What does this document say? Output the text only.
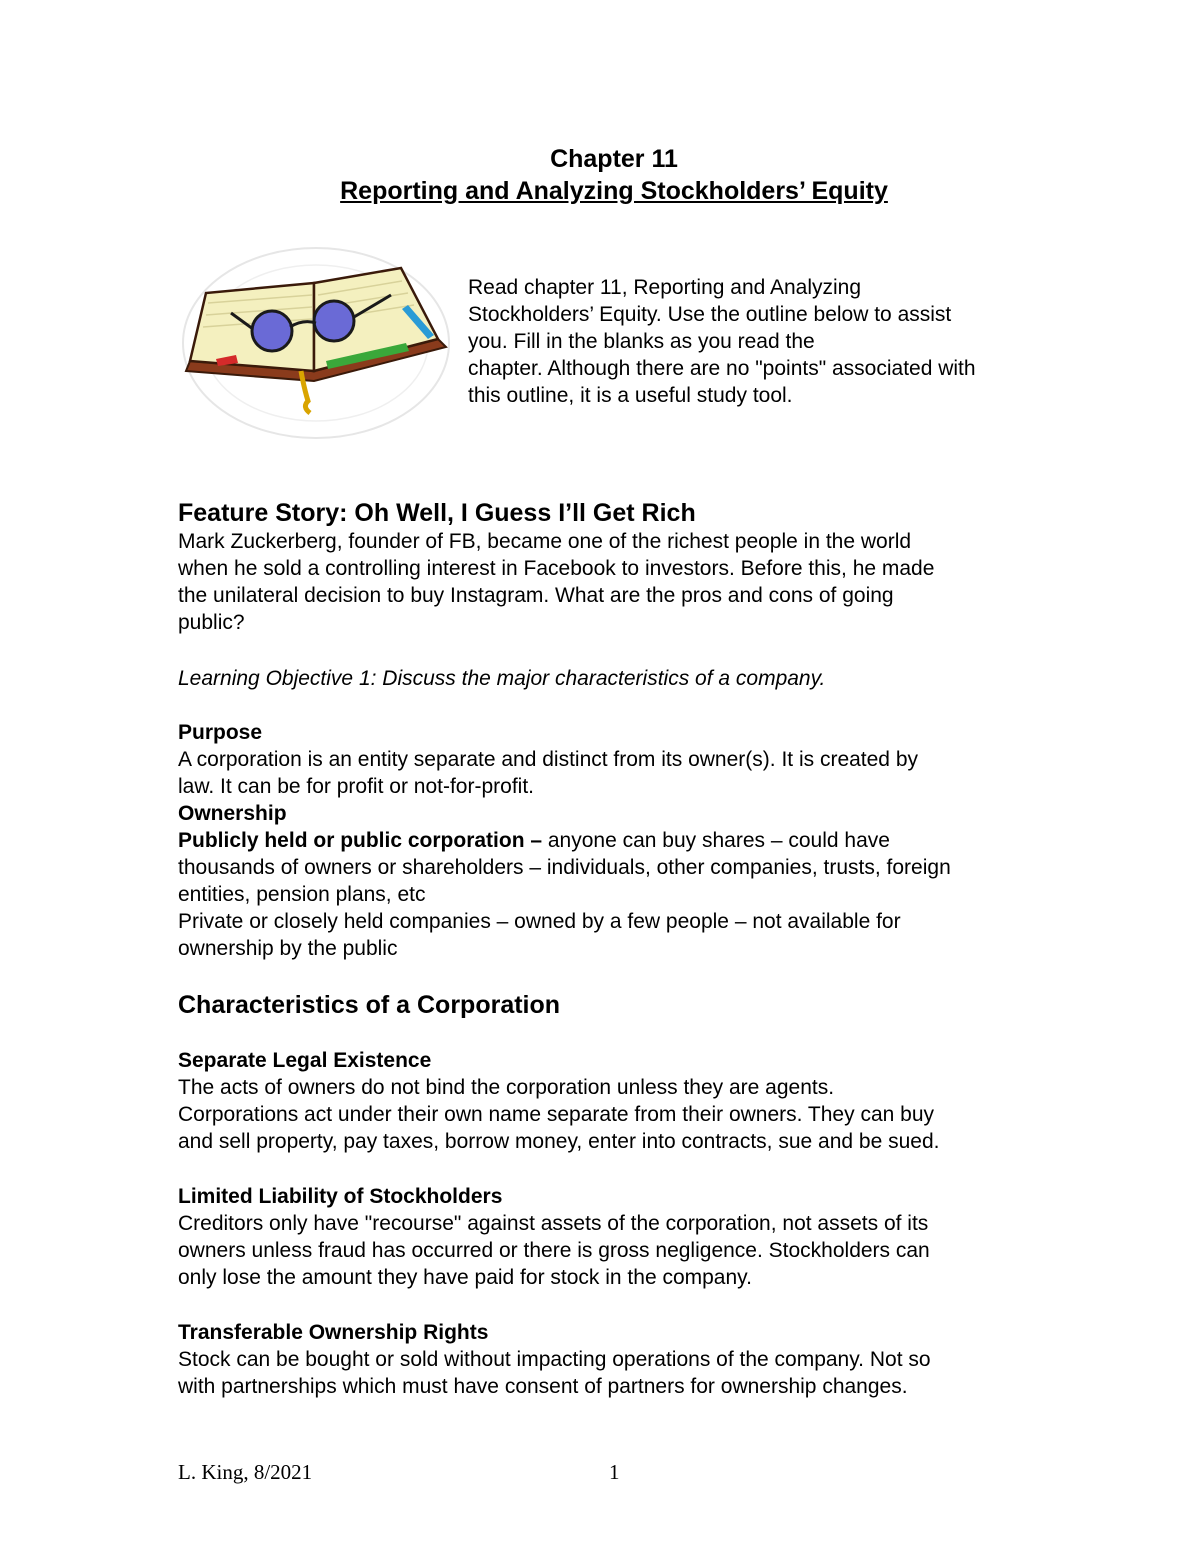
Chapter 11
Reporting and Analyzing Stockholders’ Equity
Read chapter 11, Reporting and Analyzing
Stockholders’ Equity. Use the outline below to assist
you. Fill in the blanks as you read the
chapter. Although there are no "points" associated with
this outline, it is a useful study tool.
Feature Story: Oh Well, I Guess I’ll Get Rich
Mark Zuckerberg, founder of FB, became one of the richest people in the world
when he sold a controlling interest in Facebook to investors. Before this, he made
the unilateral decision to buy Instagram. What are the pros and cons of going
public?
Learning Objective 1: Discuss the major characteristics of a company.
Purpose
A corporation is an entity separate and distinct from its owner(s). It is created by
law. It can be for profit or not-for-profit.
Ownership
Publicly held or public corporation – anyone can buy shares – could have
thousands of owners or shareholders – individuals, other companies, trusts, foreign
entities, pension plans, etc
Private or closely held companies – owned by a few people – not available for
ownership by the public
Characteristics of a Corporation
Separate Legal Existence
The acts of owners do not bind the corporation unless they are agents.
Corporations act under their own name separate from their owners. They can buy
and sell property, pay taxes, borrow money, enter into contracts, sue and be sued.
Limited Liability of Stockholders
Creditors only have "recourse" against assets of the corporation, not assets of its
owners unless fraud has occurred or there is gross negligence. Stockholders can
only lose the amount they have paid for stock in the company.
Transferable Ownership Rights
Stock can be bought or sold without impacting operations of the company. Not so
with partnerships which must have consent of partners for ownership changes.
L. King, 8/2021	1
